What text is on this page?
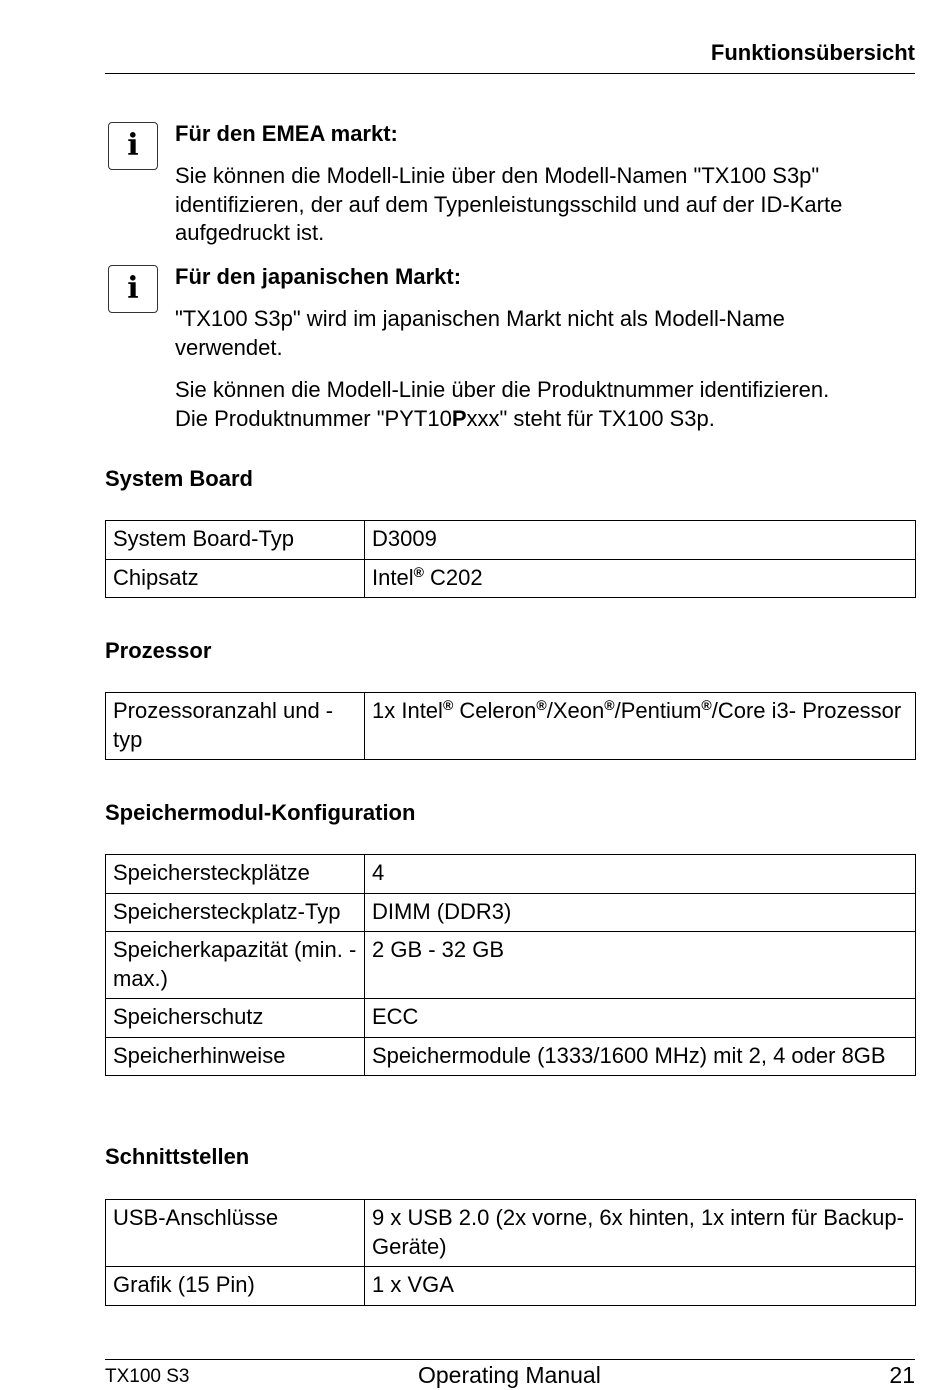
Funktionsübersicht
i	Für den EMEA markt:
Sie können die Modell-Linie über den Modell-Namen "TX100 S3p" identifizieren, der auf dem Typenleistungsschild und auf der ID-Karte aufgedruckt ist.
i	Für den japanischen Markt:
"TX100 S3p" wird im japanischen Markt nicht als Modell-Name verwendet.
Sie können die Modell-Linie über die Produktnummer identifizieren.
Die Produktnummer "PYT10Pxxx" steht für TX100 S3p.
System Board
System Board-Typ	D3009
Chipsatz	Intel® C202
Prozessor
Prozessoranzahl und - typ	1x Intel® Celeron®/Xeon®/Pentium®/Core i3- Prozessor
Speichermodul-Konfiguration
Speichersteckplätze	4
Speichersteckplatz-Typ	DIMM (DDR3)
Speicherkapazität (min. - max.)	2 GB - 32 GB
Speicherschutz	ECC
Speicherhinweise	Speichermodule (1333/1600 MHz) mit 2, 4 oder 8GB
Schnittstellen
USB-Anschlüsse	9 x USB 2.0 (2x vorne, 6x hinten, 1x intern für Backup-Geräte)
Grafik (15 Pin)	1 x VGA
TX100 S3	Operating Manual	21
